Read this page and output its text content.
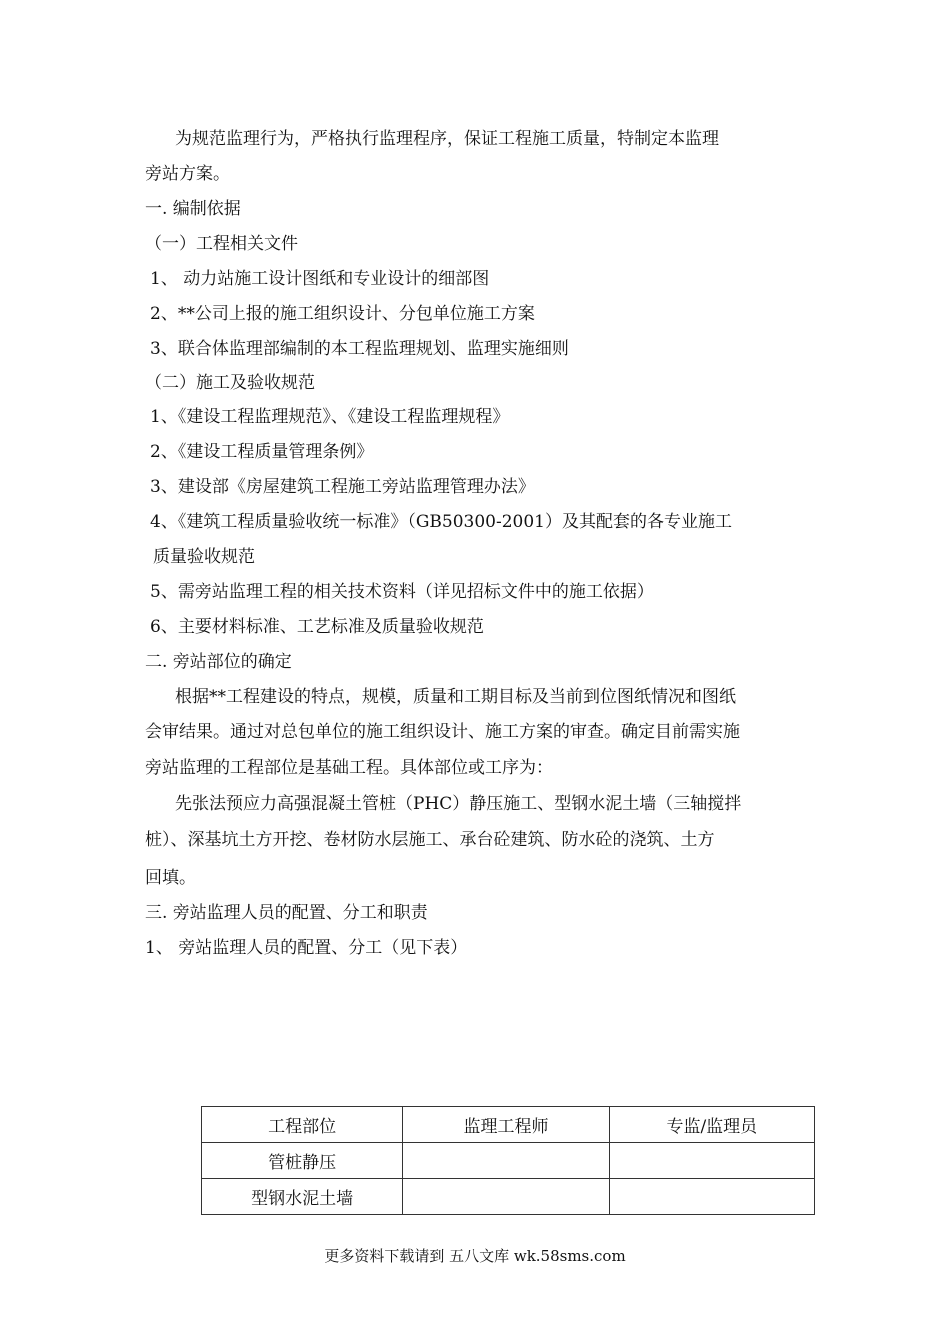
为规范监理行为，严格执行监理程序，保证工程施工质量，特制定本监理
旁站方案。
一. 编制依据
（一）工程相关文件
1、 动力站施工设计图纸和专业设计的细部图
2、**公司上报的施工组织设计、分包单位施工方案
3、联合体监理部编制的本工程监理规划、监理实施细则
（二）施工及验收规范
1、《建设工程监理规范》、《建设工程监理规程》
2、《建设工程质量管理条例》
3、建设部《房屋建筑工程施工旁站监理管理办法》
4、《建筑工程质量验收统一标准》（GB50300-2001）及其配套的各专业施工
质量验收规范
5、需旁站监理工程的相关技术资料（详见招标文件中的施工依据）
6、主要材料标准、工艺标准及质量验收规范
二. 旁站部位的确定
根据**工程建设的特点，规模，质量和工期目标及当前到位图纸情况和图纸
会审结果。通过对总包单位的施工组织设计、施工方案的审查。确定目前需实施
旁站监理的工程部位是基础工程。具体部位或工序为：
先张法预应力高强混凝土管桩（PHC）静压施工、型钢水泥土墙（三轴搅拌
桩）、深基坑土方开挖、卷材防水层施工、承台砼建筑、防水砼的浇筑、土方
回填。
三. 旁站监理人员的配置、分工和职责
1、 旁站监理人员的配置、分工（见下表）
工程部位	监理工程师	专监/监理员
管桩静压		
型钢水泥土墙		
更多资料下载请到 五八文库 wk.58sms.com
